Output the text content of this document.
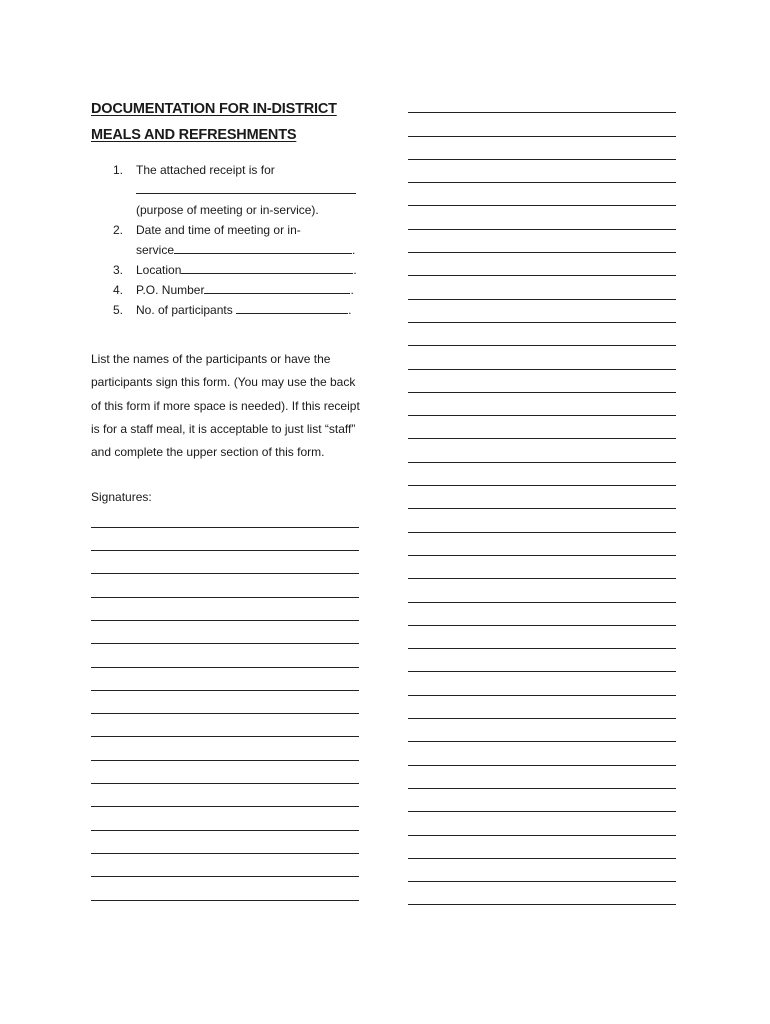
DOCUMENTATION FOR IN-DISTRICT
MEALS AND REFRESHMENTS
1. The attached receipt is for

(purpose of meeting or in-service).
2. Date and time of meeting or in-
service	.
3. Location	.
4. P.O. Number	.
5. No. of participants	.

List the names of the participants or have the participants sign this form. (You may use the back of this form if more space is needed). If this receipt is for a staff meal, it is acceptable to just list “staff” and complete the upper section of this form.

Signatures:
